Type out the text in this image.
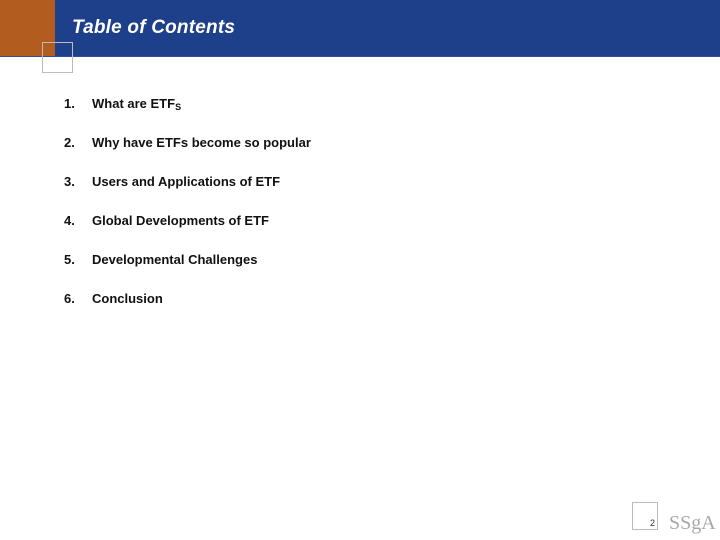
Table of Contents
1. What are ETFS
2. Why have ETFs become so popular
3. Users and Applications of ETF
4. Global Developments of ETF
5. Developmental Challenges
6. Conclusion
2 SSgA
